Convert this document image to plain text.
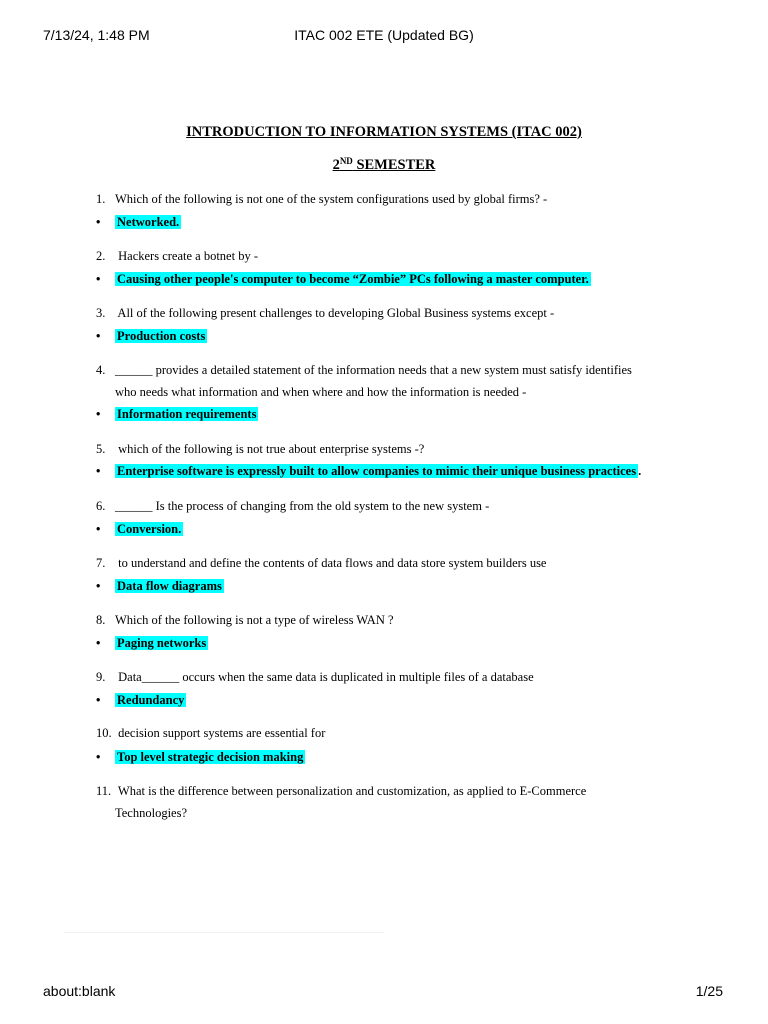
7/13/24, 1:48 PM	ITAC 002 ETE (Updated BG)
INTRODUCTION TO INFORMATION SYSTEMS (ITAC 002)
2ND SEMESTER
1. Which of the following is not one of the system configurations used by global firms? -
• Networked.
2. Hackers create a botnet by -
• Causing other people's computer to become “Zombie” PCs following a master computer.
3. All of the following present challenges to developing Global Business systems except -
• Production costs
4. ______ provides a detailed statement of the information needs that a new system must satisfy identifies
who needs what information and when where and how the information is needed -
• Information requirements
5. which of the following is not true about enterprise systems -?
• Enterprise software is expressly built to allow companies to mimic their unique business practices .
6. ______ Is the process of changing from the old system to the new system -
• Conversion.
7. to understand and define the contents of data flows and data store system builders use
• Data flow diagrams
8. Which of the following is not a type of wireless WAN ?
• Paging networks
9. Data______ occurs when the same data is duplicated in multiple files of a database
• Redundancy
10. decision support systems are essential for
• Top level strategic decision making
11. What is the difference between personalization and customization, as applied to E-Commerce
Technologies?
about:blank	1/25
